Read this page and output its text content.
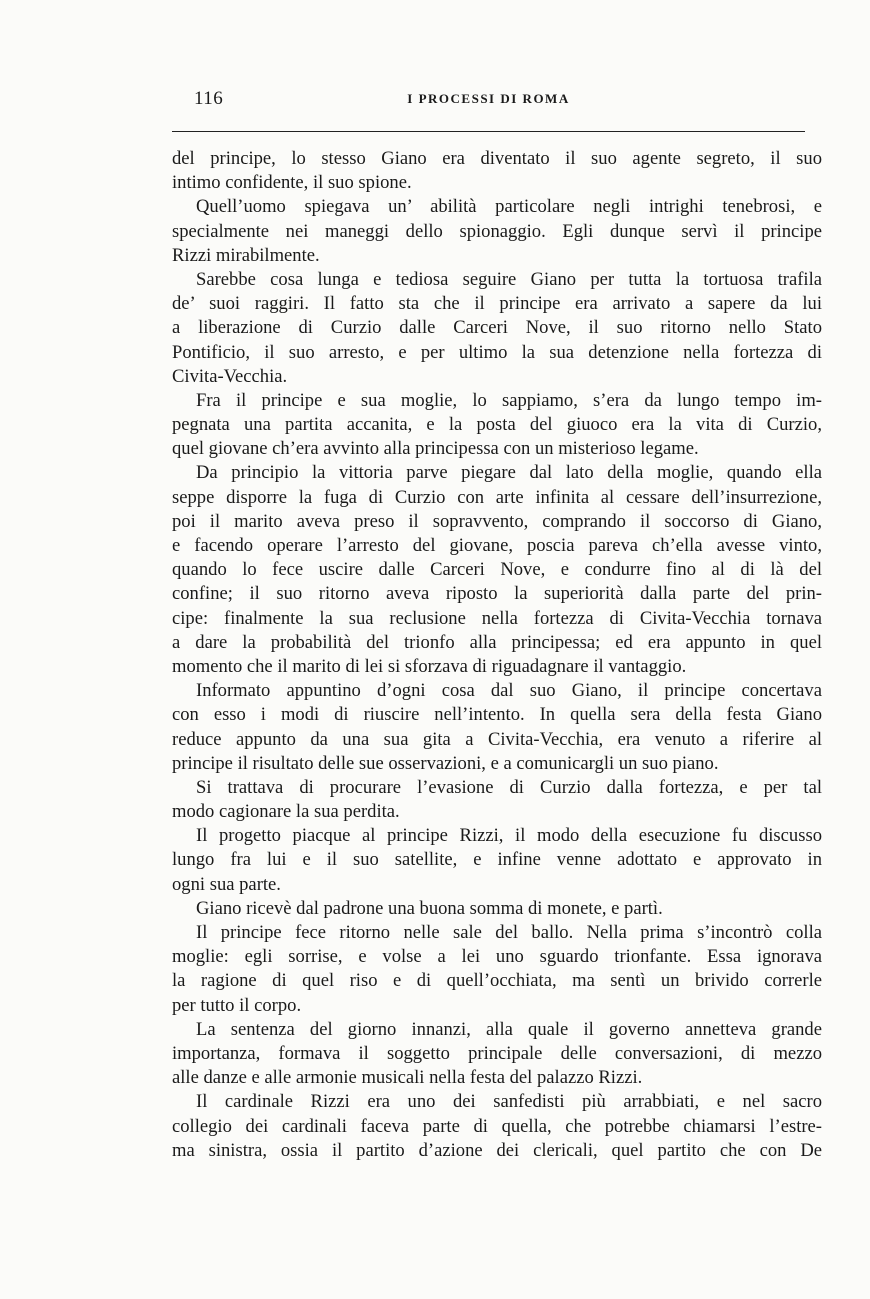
116	I PROCESSI DI ROMA
del principe, lo stesso Giano era diventato il suo agente segreto, il suo
intimo confidente, il suo spione.
Quell’uomo spiegava un’ abilità particolare negli intrighi tenebrosi, e
specialmente nei maneggi dello spionaggio. Egli dunque servì il principe
Rizzi mirabilmente.
Sarebbe cosa lunga e tediosa seguire Giano per tutta la tortuosa trafila
de’ suoi raggiri. Il fatto sta che il principe era arrivato a sapere da lui
a liberazione di Curzio dalle Carceri Nove, il suo ritorno nello Stato
Pontificio, il suo arresto, e per ultimo la sua detenzione nella fortezza di
Civita-Vecchia.
Fra il principe e sua moglie, lo sappiamo, s’era da lungo tempo im-
pegnata una partita accanita, e la posta del giuoco era la vita di Curzio,
quel giovane ch’era avvinto alla principessa con un misterioso legame.
Da principio la vittoria parve piegare dal lato della moglie, quando ella
seppe disporre la fuga di Curzio con arte infinita al cessare dell’insurrezione,
poi il marito aveva preso il sopravvento, comprando il soccorso di Giano,
e facendo operare l’arresto del giovane, poscia pareva ch’ella avesse vinto,
quando lo fece uscire dalle Carceri Nove, e condurre fino al di là del
confine; il suo ritorno aveva riposto la superiorità dalla parte del prin-
cipe: finalmente la sua reclusione nella fortezza di Civita-Vecchia tornava
a dare la probabilità del trionfo alla principessa; ed era appunto in quel
momento che il marito di lei si sforzava di riguadagnare il vantaggio.
Informato appuntino d’ogni cosa dal suo Giano, il principe concertava
con esso i modi di riuscire nell’intento. In quella sera della festa Giano
reduce appunto da una sua gita a Civita-Vecchia, era venuto a riferire al
principe il risultato delle sue osservazioni, e a comunicargli un suo piano.
Si trattava di procurare l’evasione di Curzio dalla fortezza, e per tal
modo cagionare la sua perdita.
Il progetto piacque al principe Rizzi, il modo della esecuzione fu discusso
lungo fra lui e il suo satellite, e infine venne adottato e approvato in
ogni sua parte.
Giano ricevè dal padrone una buona somma di monete, e partì.
Il principe fece ritorno nelle sale del ballo. Nella prima s’incontrò colla
moglie: egli sorrise, e volse a lei uno sguardo trionfante. Essa ignorava
la ragione di quel riso e di quell’occhiata, ma sentì un brivido correrle
per tutto il corpo.
La sentenza del giorno innanzi, alla quale il governo annetteva grande
importanza, formava il soggetto principale delle conversazioni, di mezzo
alle danze e alle armonie musicali nella festa del palazzo Rizzi.
Il cardinale Rizzi era uno dei sanfedisti più arrabbiati, e nel sacro
collegio dei cardinali faceva parte di quella, che potrebbe chiamarsi l’estre-
ma sinistra, ossia il partito d’azione dei clericali, quel partito che con De
